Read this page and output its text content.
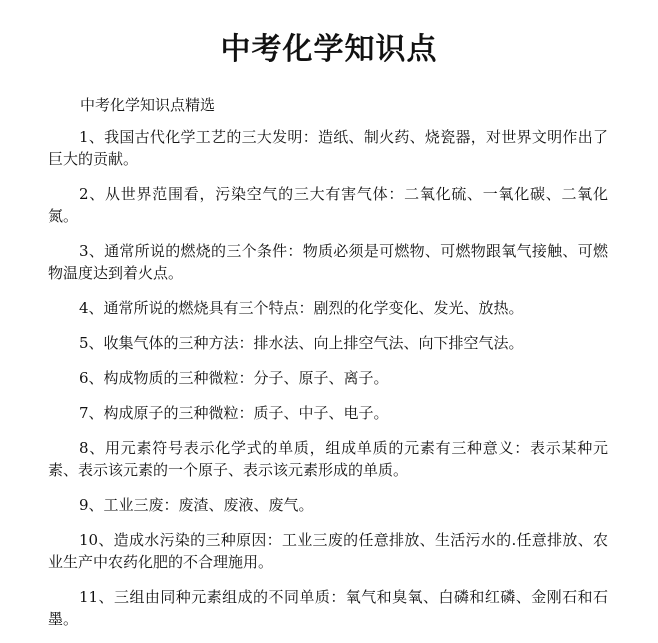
中考化学知识点

中考化学知识点精选

1、我国古代化学工艺的三大发明：造纸、制火药、烧瓷器，对世界文明作出了巨大的贡献。
2、从世界范围看，污染空气的三大有害气体：二氧化硫、一氧化碳、二氧化氮。
3、通常所说的燃烧的三个条件：物质必须是可燃物、可燃物跟氧气接触、可燃物温度达到着火点。
4、通常所说的燃烧具有三个特点：剧烈的化学变化、发光、放热。
5、收集气体的三种方法：排水法、向上排空气法、向下排空气法。
6、构成物质的三种微粒：分子、原子、离子。
7、构成原子的三种微粒：质子、中子、电子。
8、用元素符号表示化学式的单质，组成单质的元素有三种意义：表示某种元素、表示该元素的一个原子、表示该元素形成的单质。
9、工业三废：废渣、废液、废气。
10、造成水污染的三种原因：工业三废的任意排放、生活污水的.任意排放、农业生产中农药化肥的不合理施用。
11、三组由同种元素组成的不同单质：氧气和臭氧、白磷和红磷、金刚石和石墨。
